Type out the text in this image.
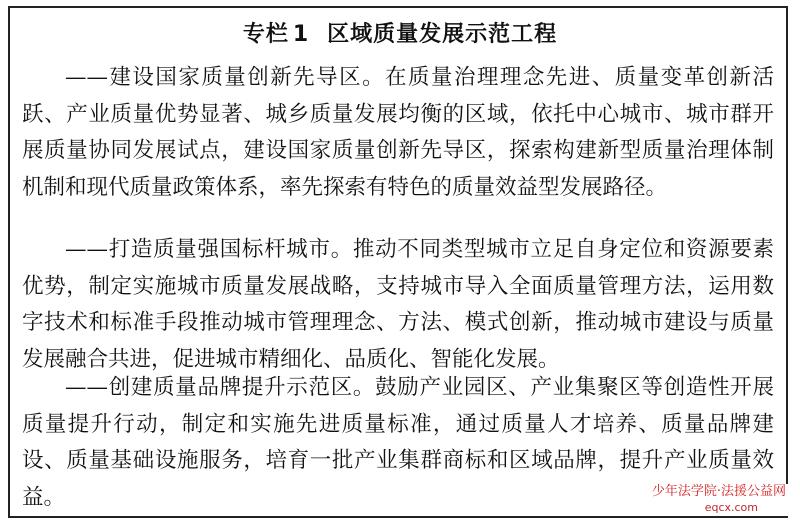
专栏 1 区域质量发展示范工程

——建设国家质量创新先导区。在质量治理理念先进、质量变革创新活跃、产业质量优势显著、城乡质量发展均衡的区域，依托中心城市、城市群开展质量协同发展试点，建设国家质量创新先导区，探索构建新型质量治理体制机制和现代质量政策体系，率先探索有特色的质量效益型发展路径。

——打造质量强国标杆城市。推动不同类型城市立足自身定位和资源要素优势，制定实施城市质量发展战略，支持城市导入全面质量管理方法，运用数字技术和标准手段推动城市管理理念、方法、模式创新，推动城市建设与质量发展融合共进，促进城市精细化、品质化、智能化发展。

——创建质量品牌提升示范区。鼓励产业园区、产业集聚区等创造性开展质量提升行动，制定和实施先进质量标准，通过质量人才培养、质量品牌建设、质量基础设施服务，培育一批产业集群商标和区域品牌，提升产业质量效益。	少年法学院·法援公益网
eqcx.com
